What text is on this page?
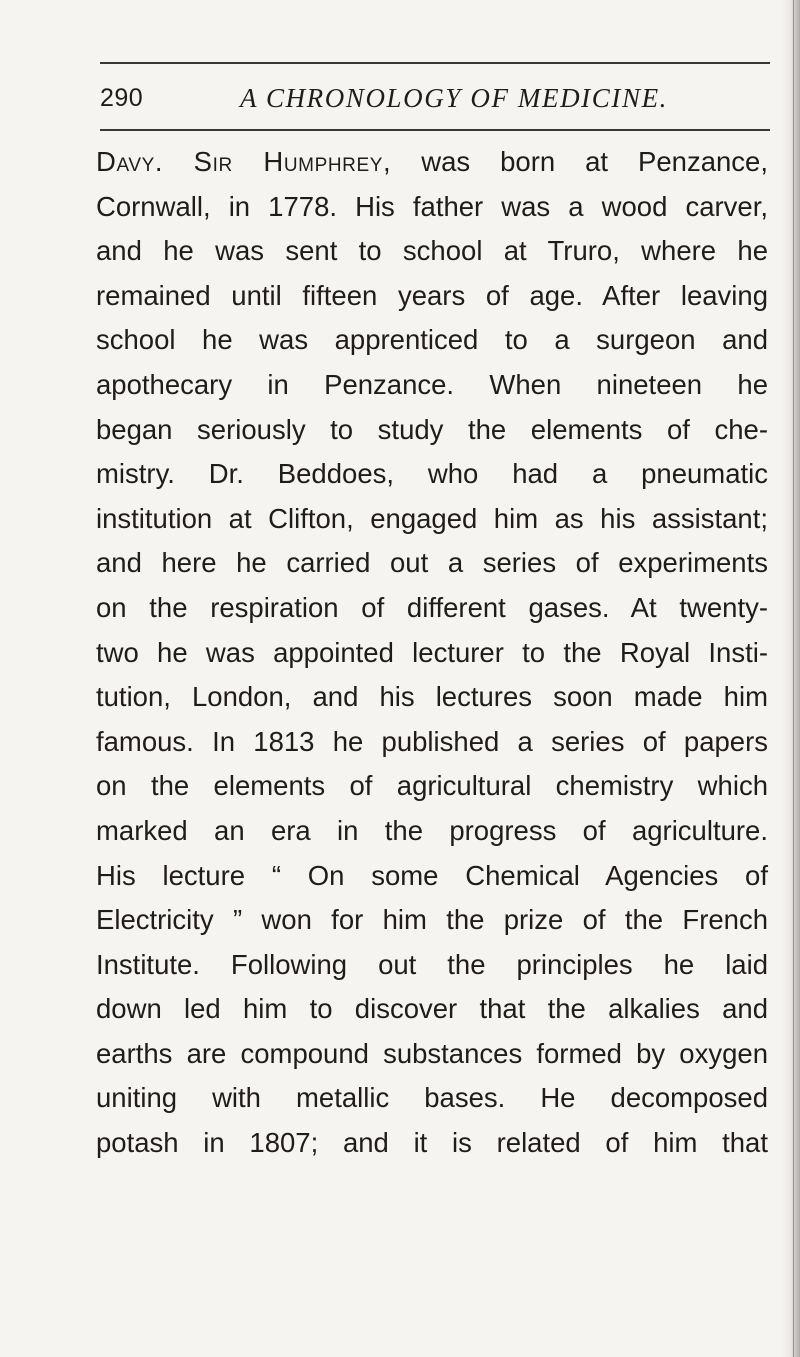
290	A CHRONOLOGY OF MEDICINE.
Davy. Sir Humphrey, was born at Penzance,
Cornwall, in 1778. His father was a wood carver,
and he was sent to school at Truro, where he
remained until fifteen years of age. After leaving
school he was apprenticed to a surgeon and
apothecary in Penzance. When nineteen he
began seriously to study the elements of che-
mistry. Dr. Beddoes, who had a pneumatic
institution at Clifton, engaged him as his assistant;
and here he carried out a series of experiments
on the respiration of different gases. At twenty-
two he was appointed lecturer to the Royal Insti-
tution, London, and his lectures soon made him
famous. In 1813 he published a series of papers
on the elements of agricultural chemistry which
marked an era in the progress of agriculture.
His lecture “ On some Chemical Agencies of
Electricity ” won for him the prize of the French
Institute. Following out the principles he laid
down led him to discover that the alkalies and
earths are compound substances formed by oxygen
uniting with metallic bases. He decomposed
potash in 1807; and it is related of him that
